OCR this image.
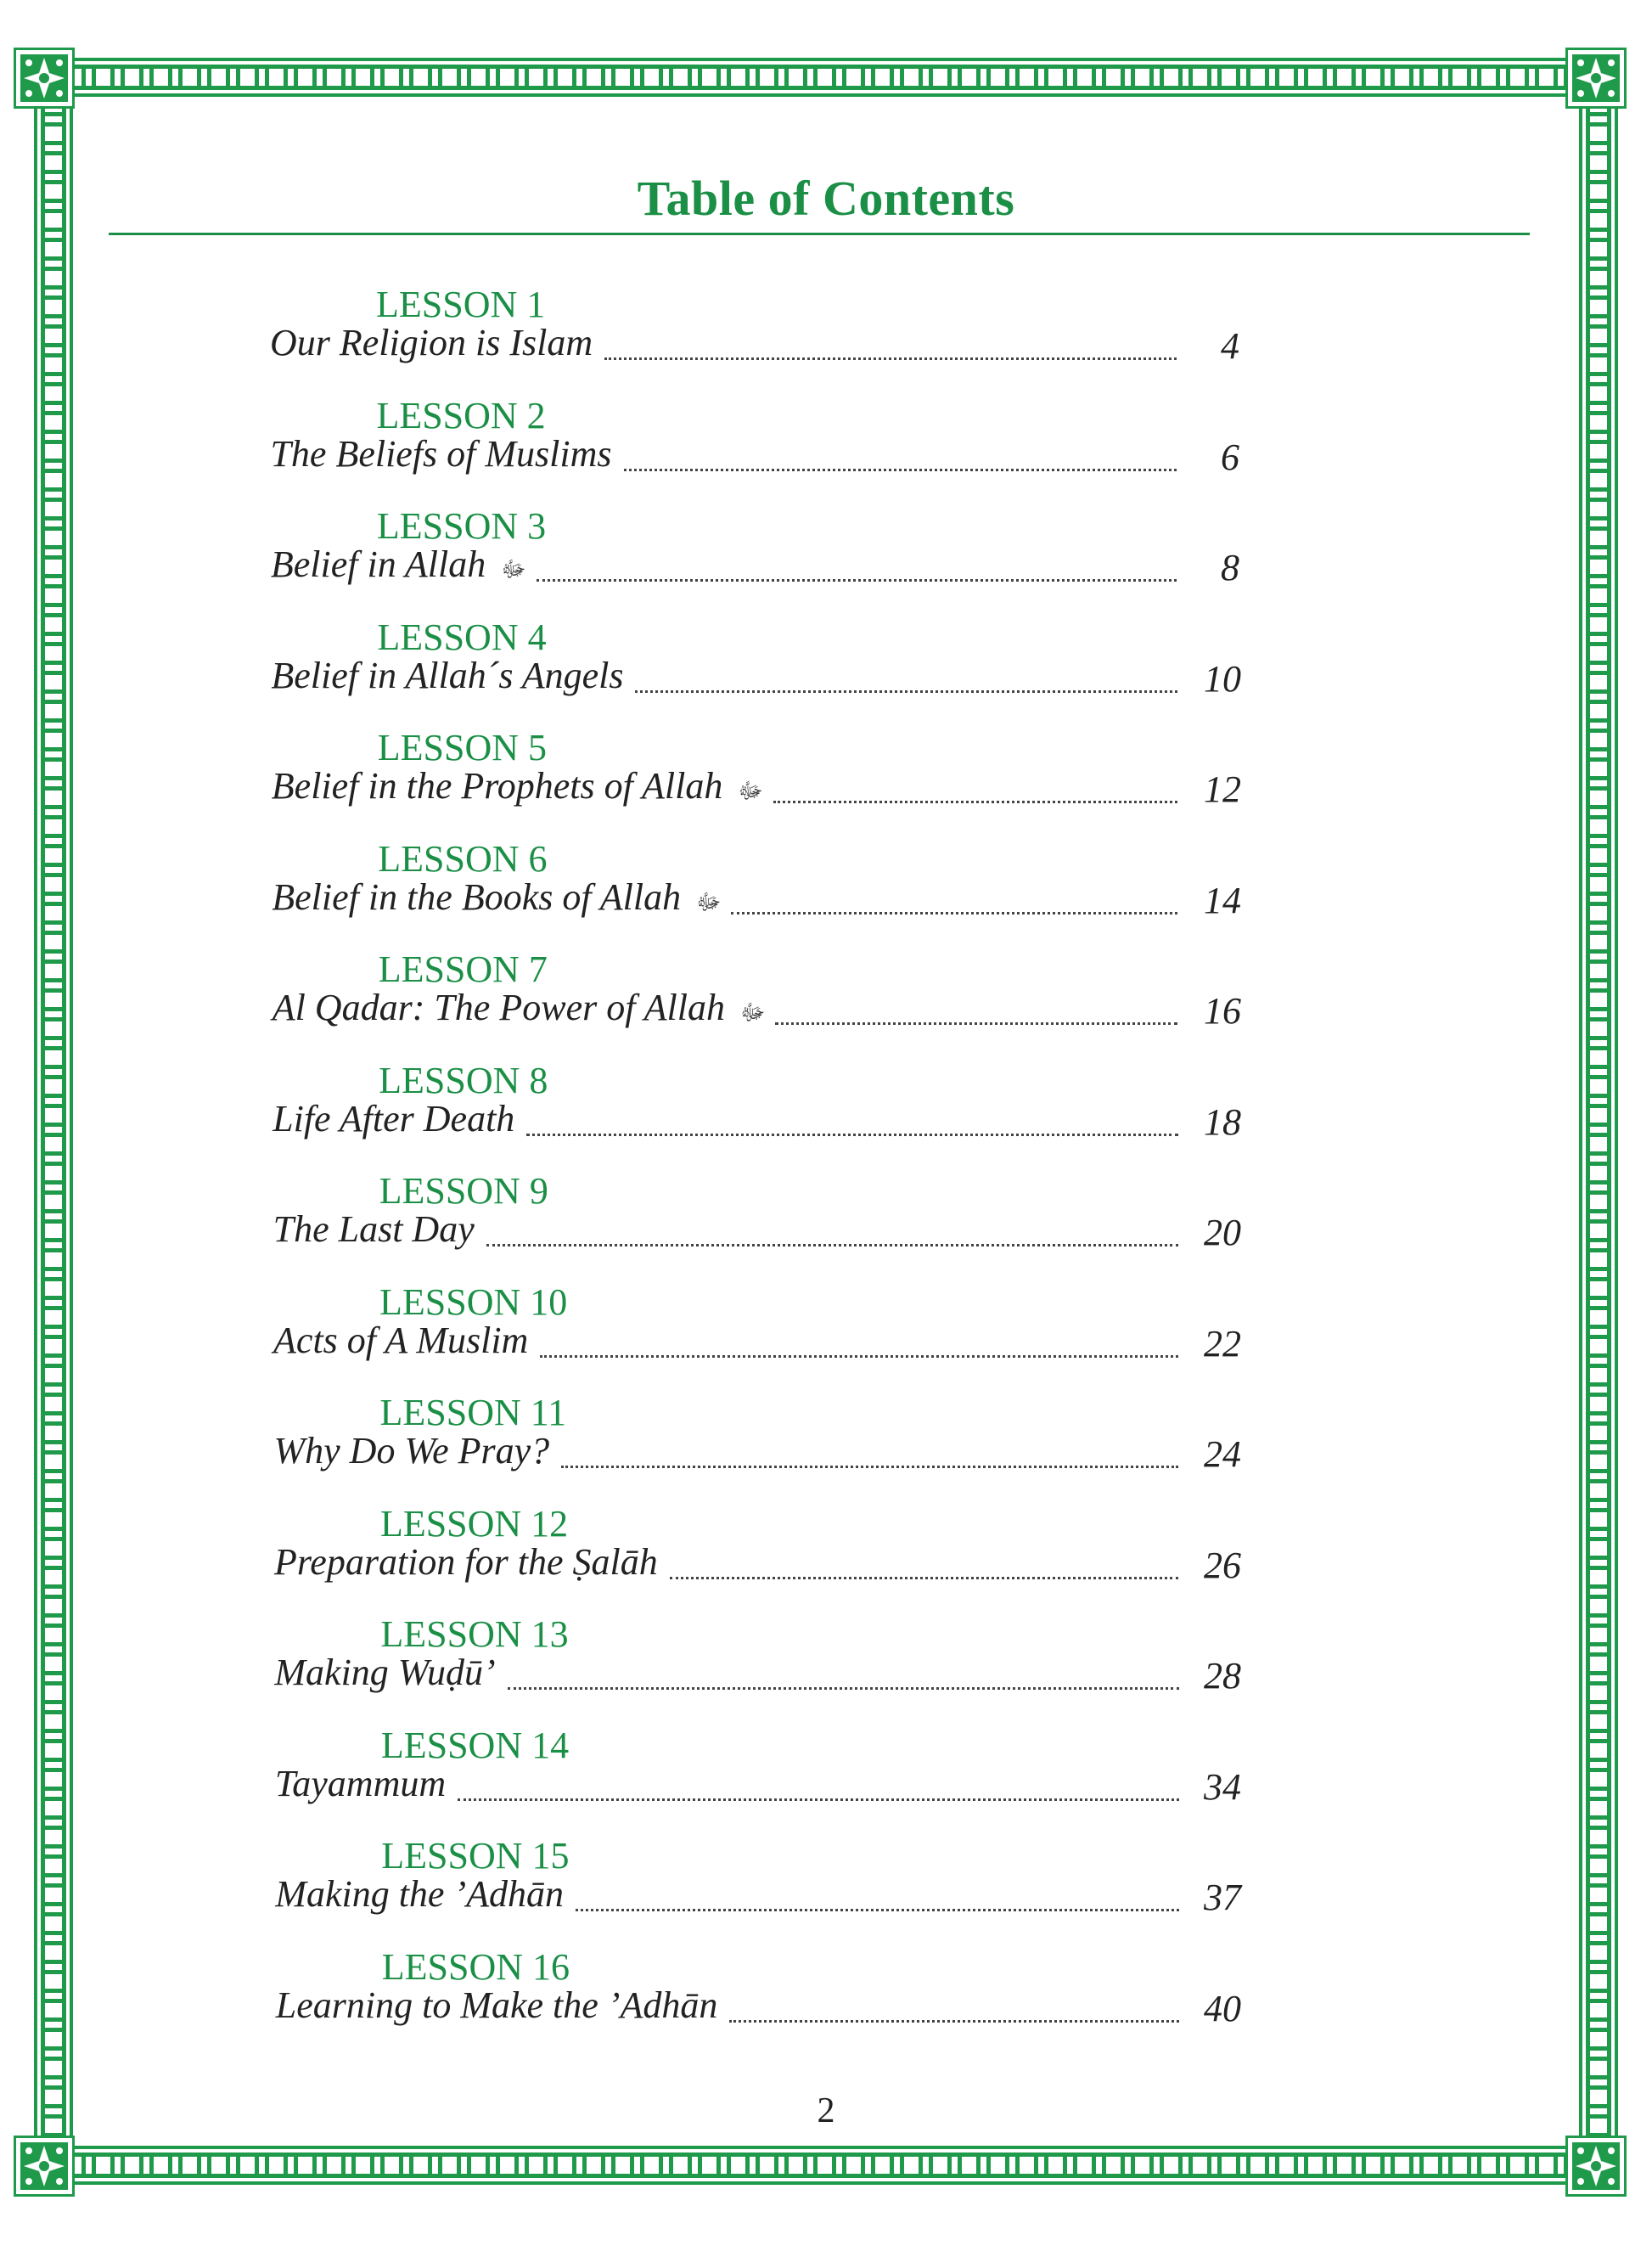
Table of Contents
LESSON 1
Our Religion is Islam	4
LESSON 2
The Beliefs of Muslims	6
LESSON 3
Belief in Allah ﷻ	8
LESSON 4
Belief in Allah´s Angels	10
LESSON 5
Belief in the Prophets of Allah ﷻ	12
LESSON 6
Belief in the Books of Allah ﷻ	14
LESSON 7
Al Qadar: The Power of Allah ﷻ	16
LESSON 8
Life After Death	18
LESSON 9
The Last Day	20
LESSON 10
Acts of A Muslim	22
LESSON 11
Why Do We Pray?	24
LESSON 12
Preparation for the Ṣalāh	26
LESSON 13
Making Wuḍū’	28
LESSON 14
Tayammum	34
LESSON 15
Making the ’Adhān	37
LESSON 16
Learning to Make the ’Adhān	40
2
